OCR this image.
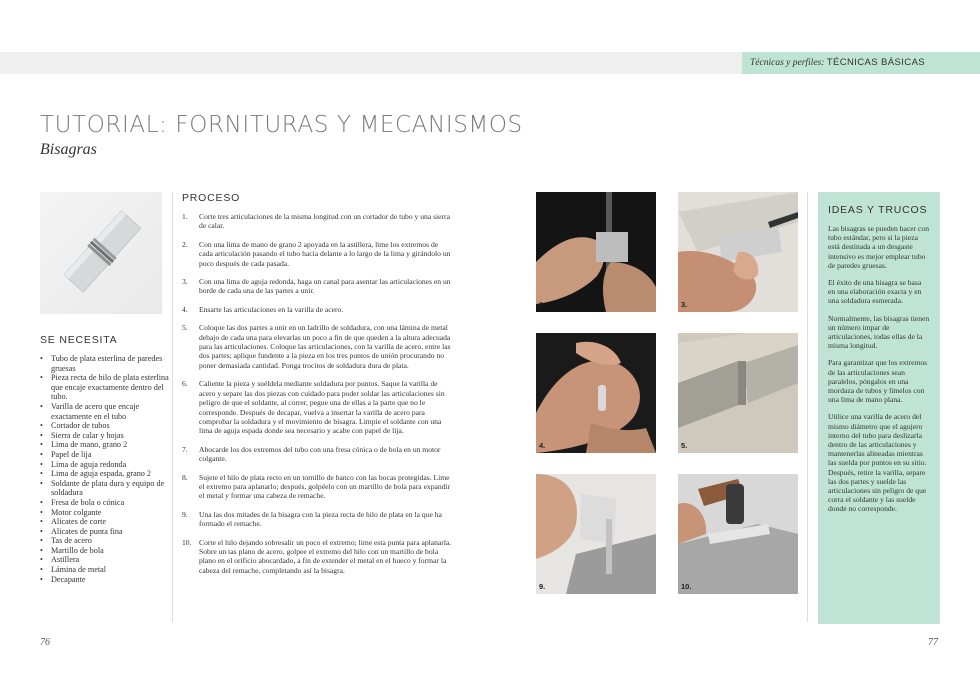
Técnicas y perfiles: TÉCNICAS BÁSICAS
TUTORIAL: FORNITURAS Y MECANISMOS
Bisagras
SE NECESITA
• Tubo de plata esterlina de paredes gruesas
• Pieza recta de hilo de plata esterlina que encaje exactamente dentro del tubo.
• Varilla de acero que encaje exactamente en el tubo
• Cortador de tubos
• Sierra de calar y hojas
• Lima de mano, grano 2
• Papel de lija
• Lima de aguja redonda
• Lima de aguja espada, grano 2
• Soldante de plata dura y equipo de soldadura
• Fresa de bola o cónica
• Motor colgante
• Alicates de corte
• Alicates de punta fina
• Tas de acero
• Martillo de bola
• Astillera
• Lámina de metal
• Decapante
PROCESO
1. Corte tres articulaciones de la misma longitud con un cortador de tubo y una sierra de calar.
2. Con una lima de mano de grano 2 apoyada en la astillera, lime los extremos de cada articulación pasando el tubo hacia delante a lo largo de la lima y girándolo un poco después de cada pasada.
3. Con una lima de aguja redonda, haga un canal para asentar las articulaciones en un borde de cada una de las partes a unir.
4. Ensarte las articulaciones en la varilla de acero.
5. Coloque las dos partes a unir en un ladrillo de soldadura, con una lámina de metal debajo de cada una para elevarlas un poco a fin de que queden a la altura adecuada para las articulaciones. Coloque las articulaciones, con la varilla de acero, entre las dos partes; aplique fundente a la pieza en los tres puntos de unión procurando no poner demasiada cantidad. Ponga trocitos de soldadura dura de plata.
6. Caliente la pieza y suéldela mediante soldadura por puntos. Saque la varilla de acero y separe las dos piezas con cuidado para poder soldar las articulaciones sin peligro de que el soldante, al correr, pegue una de ellas a la parte que no le corresponde. Después de decapar, vuelva a insertar la varilla de acero para comprobar la soldadura y el movimiento de bisagra. Limpie el soldante con una lima de aguja espada donde sea necesario y acabe con papel de lija.
7. Abocarde los dos extremos del tubo con una fresa cónica o de bola en un motor colgante.
8. Sujete el hilo de plata recto en un tornillo de banco con las bocas protegidas. Lime el extremo para aplanarlo; después, golpéelo con un martillo de bola para expandir el metal y formar una cabeza de remache.
9. Una las dos mitades de la bisagra con la pieza recta de hilo de plata en la que ha formado el remache.
10. Corte el hilo dejando sobresalir un poco el extremo; lime esta punta para aplanarla. Sobre un tas plano de acero, golpee el extremo del hilo con un martillo de bola plano en el orificio abocardado, a fin de extender el metal en el hueco y formar la cabeza del remache, completando así la bisagra.
1.	3.
4.	5.
9.	10.
IDEAS Y TRUCOS

Las bisagras se pueden hacer con tubo estándar, pero si la pieza está destinada a un desgaste intensivo es mejor emplear tubo de paredes gruesas.

El éxito de una bisagra se basa en una elaboración exacta y en una soldadura esmerada.

Normalmente, las bisagras tienen un número impar de articulaciones, todas ellas de la misma longitud.

Para garantizar que los extremos de las articulaciones sean paralelos, póngalos en una mordaza de tubos y límelos con una lima de mano plana.

Utilice una varilla de acero del mismo diámetro que el agujero interno del tubo para deslizarla dentro de las articulaciones y mantenerlas alineadas mientras las suelda por puntos en su sitio. Después, retire la varilla, separe las dos partes y suelde las articulaciones sin peligro de que corra el soldante y las suelde donde no corresponde.

76	77
